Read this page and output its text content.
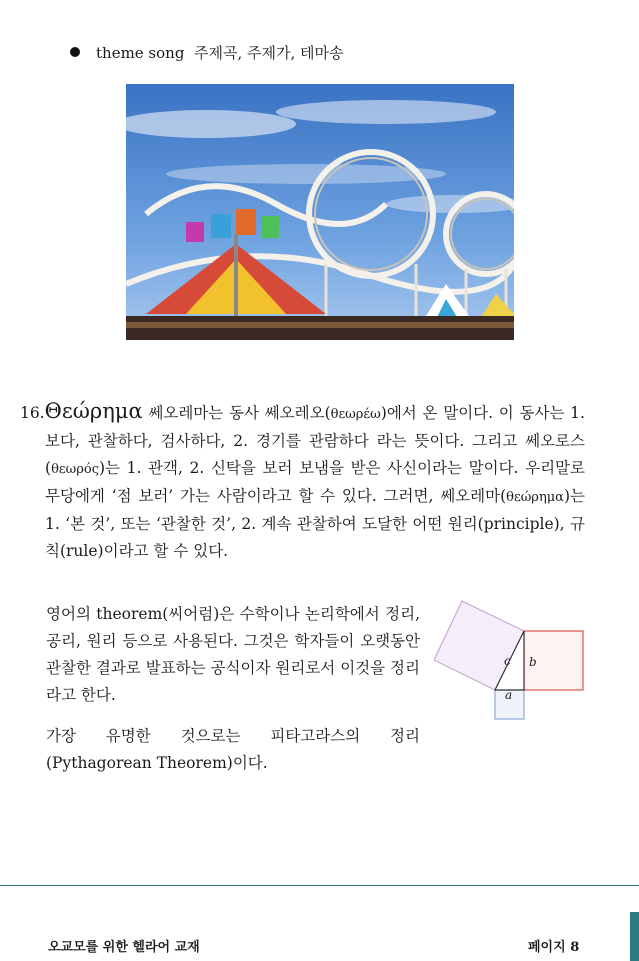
theme song 주제곡, 주제가, 테마송

16.Θεώρημα 쎄오레마는 동사 쎄오레오(θεωρέω)에서 온 말이다. 이 동사는 1. 보다, 관찰하다, 검사하다, 2. 경기를 관람하다 라는 뜻이다. 그리고 쎄오로스(θεωρός)는 1. 관객, 2. 신탁을 보러 보냄을 받은 사신이라는 말이다. 우리말로 무당에게 ‘점 보러’ 가는 사람이라고 할 수 있다. 그러면, 쎄오레마(θεώρημα)는 1. ‘본 것’, 또는 ‘관찰한 것’, 2. 계속 관찰하여 도달한 어떤 원리(principle), 규칙(rule)이라고 할 수 있다.

영어의 theorem(씨어럼)은 수학이나 논리학에서 정리, 공리, 원리 등으로 사용된다. 그것은 학자들이 오랫동안 관찰한 결과로 발표하는 공식이자 원리로서 이것을 정리라고 한다.

가장 유명한 것으로는 피타고라스의 정리(Pythagorean Theorem)이다.

c b
a
오교모를 위한 헬라어 교재	페이지 8
